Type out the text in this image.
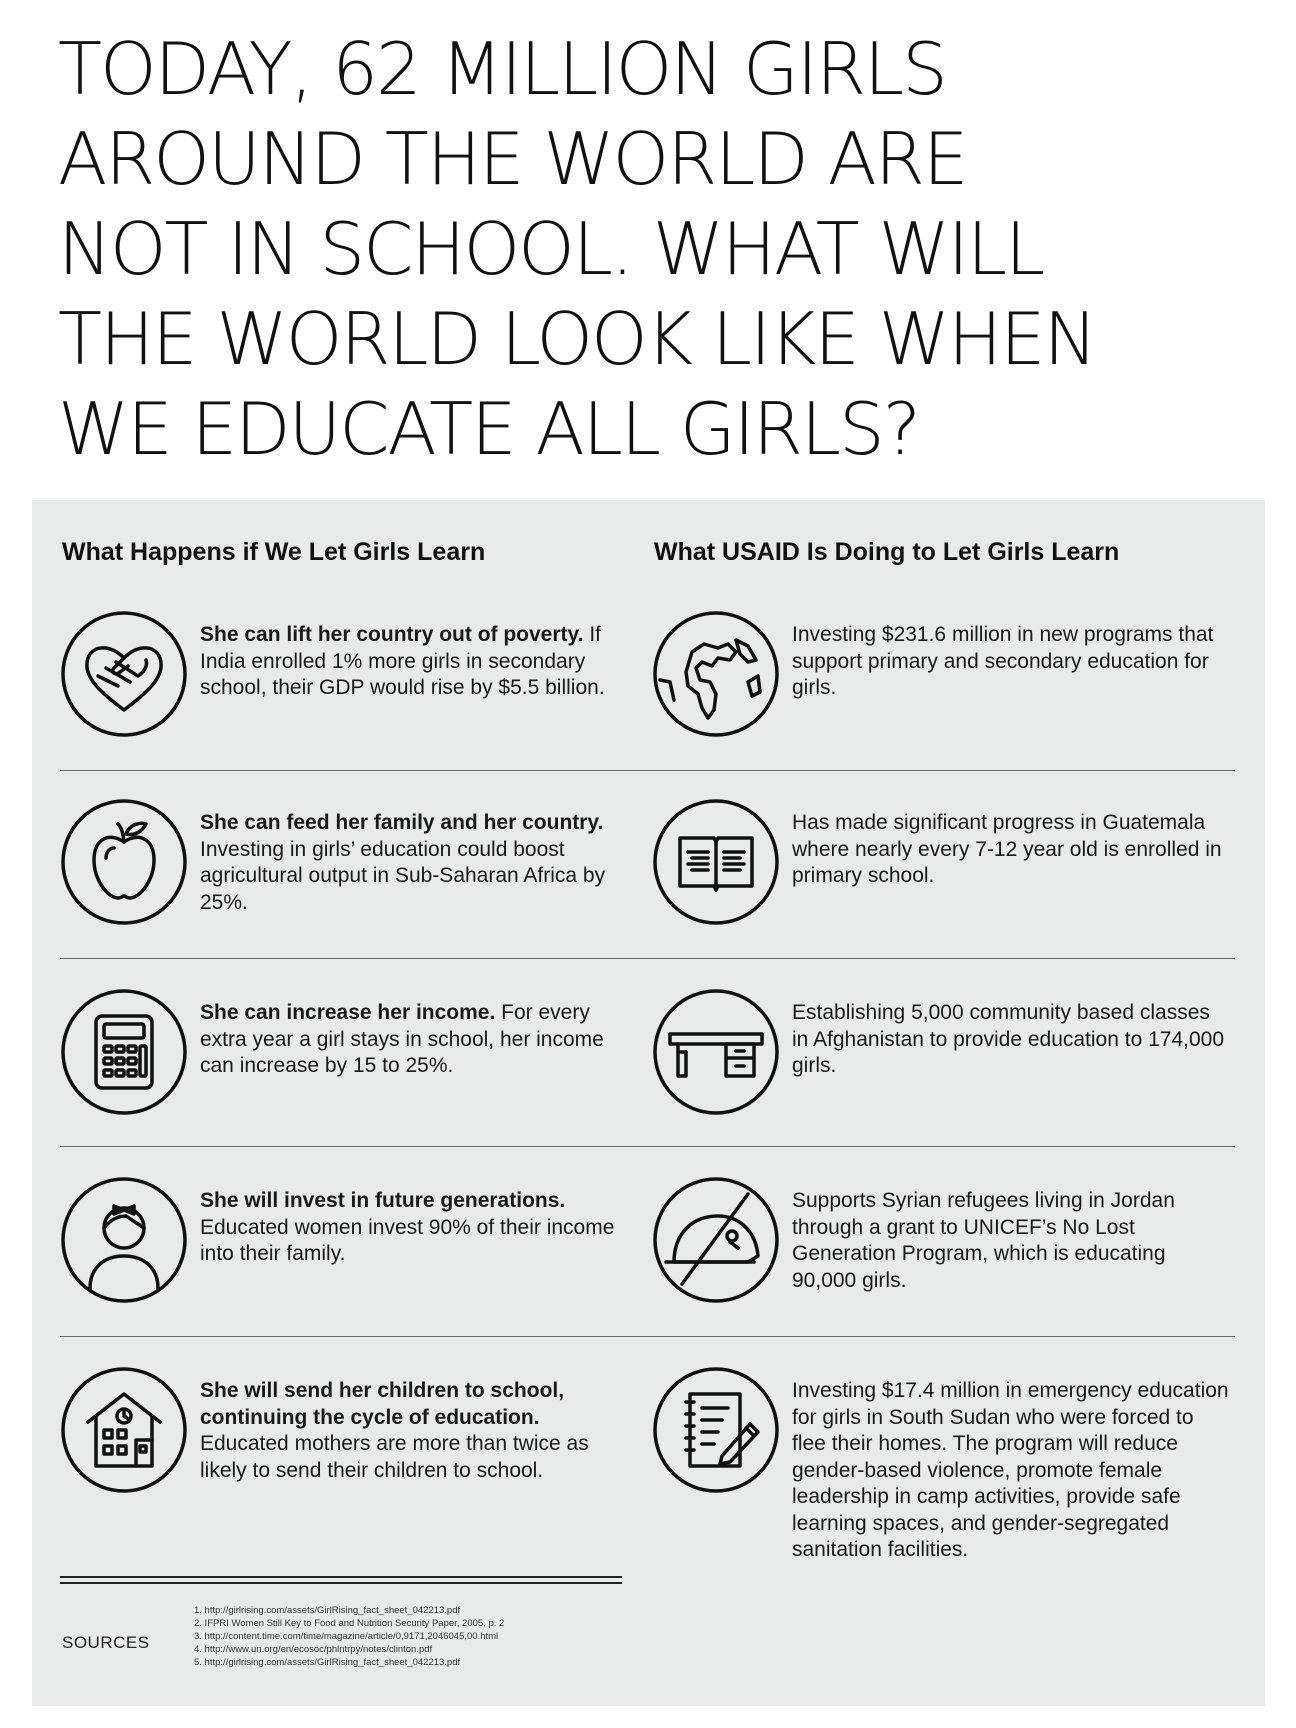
TODAY, 62 MILLION GIRLS
AROUND THE WORLD ARE
NOT IN SCHOOL. WHAT WILL
THE WORLD LOOK LIKE WHEN
WE EDUCATE ALL GIRLS?
What Happens if We Let Girls Learn	What USAID Is Doing to Let Girls Learn
She can lift her country out of poverty. If India enrolled 1% more girls in secondary school, their GDP would rise by $5.5 billion.
Investing $231.6 million in new programs that support primary and secondary education for girls.
She can feed her family and her country. Investing in girls’ education could boost agricultural output in Sub-Saharan Africa by 25%.
Has made significant progress in Guatemala where nearly every 7-12 year old is enrolled in primary school.
She can increase her income. For every extra year a girl stays in school, her income can increase by 15 to 25%.
Establishing 5,000 community based classes in Afghanistan to provide education to 174,000 girls.
She will invest in future generations. Educated women invest 90% of their income into their family.
Supports Syrian refugees living in Jordan through a grant to UNICEF’s No Lost Generation Program, which is educating 90,000 girls.
She will send her children to school, continuing the cycle of education. Educated mothers are more than twice as likely to send their children to school.
Investing $17.4 million in emergency education for girls in South Sudan who were forced to flee their homes. The program will reduce gender-based violence, promote female leadership in camp activities, provide safe learning spaces, and gender-segregated sanitation facilities.
SOURCES
1. http://girlrising.com/assets/GirlRising_fact_sheet_042213.pdf
2. IFPRI Women Still Key to Food and Nutrition Security Paper, 2005, p. 2
3. http://content.time.com/time/magazine/article/0,9171,2046045,00.html
4. http://www.un.org/en/ecosoc/phlntrpy/notes/clinton.pdf
5. http://girlrising.com/assets/GirlRising_fact_sheet_042213.pdf
